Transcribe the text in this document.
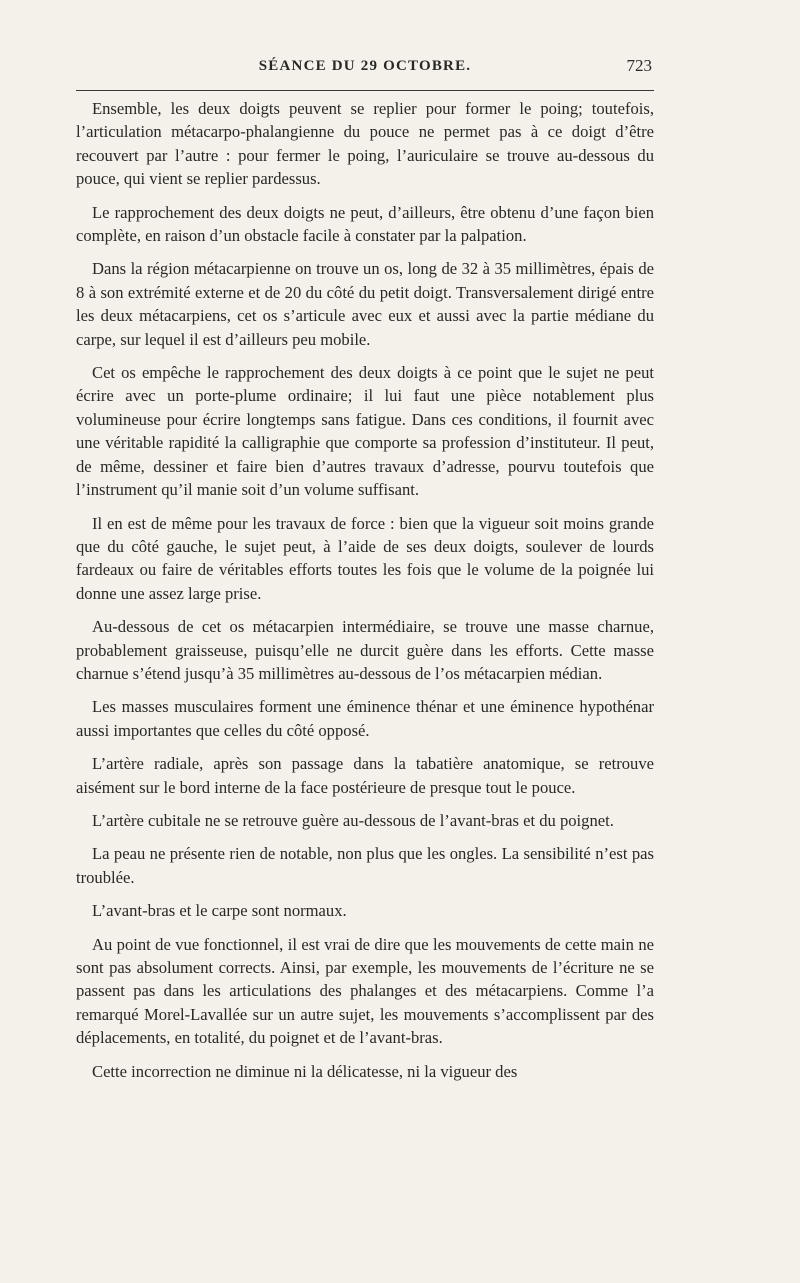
SÉANCE DU 29 OCTOBRE.	723

Ensemble, les deux doigts peuvent se replier pour former le poing; toutefois, l’articulation métacarpo-phalangienne du pouce ne permet pas à ce doigt d’être recouvert par l’autre : pour fermer le poing, l’auriculaire se trouve au-dessous du pouce, qui vient se replier pardessus.

Le rapprochement des deux doigts ne peut, d’ailleurs, être obtenu d’une façon bien complète, en raison d’un obstacle facile à constater par la palpation.

Dans la région métacarpienne on trouve un os, long de 32 à 35 millimètres, épais de 8 à son extrémité externe et de 20 du côté du petit doigt. Transversalement dirigé entre les deux métacarpiens, cet os s’articule avec eux et aussi avec la partie médiane du carpe, sur lequel il est d’ailleurs peu mobile.

Cet os empêche le rapprochement des deux doigts à ce point que le sujet ne peut écrire avec un porte-plume ordinaire; il lui faut une pièce notablement plus volumineuse pour écrire longtemps sans fatigue. Dans ces conditions, il fournit avec une véritable rapidité la calligraphie que comporte sa profession d’instituteur. Il peut, de même, dessiner et faire bien d’autres travaux d’adresse, pourvu toutefois que l’instrument qu’il manie soit d’un volume suffisant.

Il en est de même pour les travaux de force : bien que la vigueur soit moins grande que du côté gauche, le sujet peut, à l’aide de ses deux doigts, soulever de lourds fardeaux ou faire de véritables efforts toutes les fois que le volume de la poignée lui donne une assez large prise.

Au-dessous de cet os métacarpien intermédiaire, se trouve une masse charnue, probablement graisseuse, puisqu’elle ne durcit guère dans les efforts. Cette masse charnue s’étend jusqu’à 35 millimètres au-dessous de l’os métacarpien médian.

Les masses musculaires forment une éminence thénar et une éminence hypothénar aussi importantes que celles du côté opposé.

L’artère radiale, après son passage dans la tabatière anatomique, se retrouve aisément sur le bord interne de la face postérieure de presque tout le pouce.

L’artère cubitale ne se retrouve guère au-dessous de l’avant-bras et du poignet.

La peau ne présente rien de notable, non plus que les ongles. La sensibilité n’est pas troublée.

L’avant-bras et le carpe sont normaux.

Au point de vue fonctionnel, il est vrai de dire que les mouvements de cette main ne sont pas absolument corrects. Ainsi, par exemple, les mouvements de l’écriture ne se passent pas dans les articulations des phalanges et des métacarpiens. Comme l’a remarqué Morel-Lavallée sur un autre sujet, les mouvements s’accomplissent par des déplacements, en totalité, du poignet et de l’avant-bras.

Cette incorrection ne diminue ni la délicatesse, ni la vigueur des
